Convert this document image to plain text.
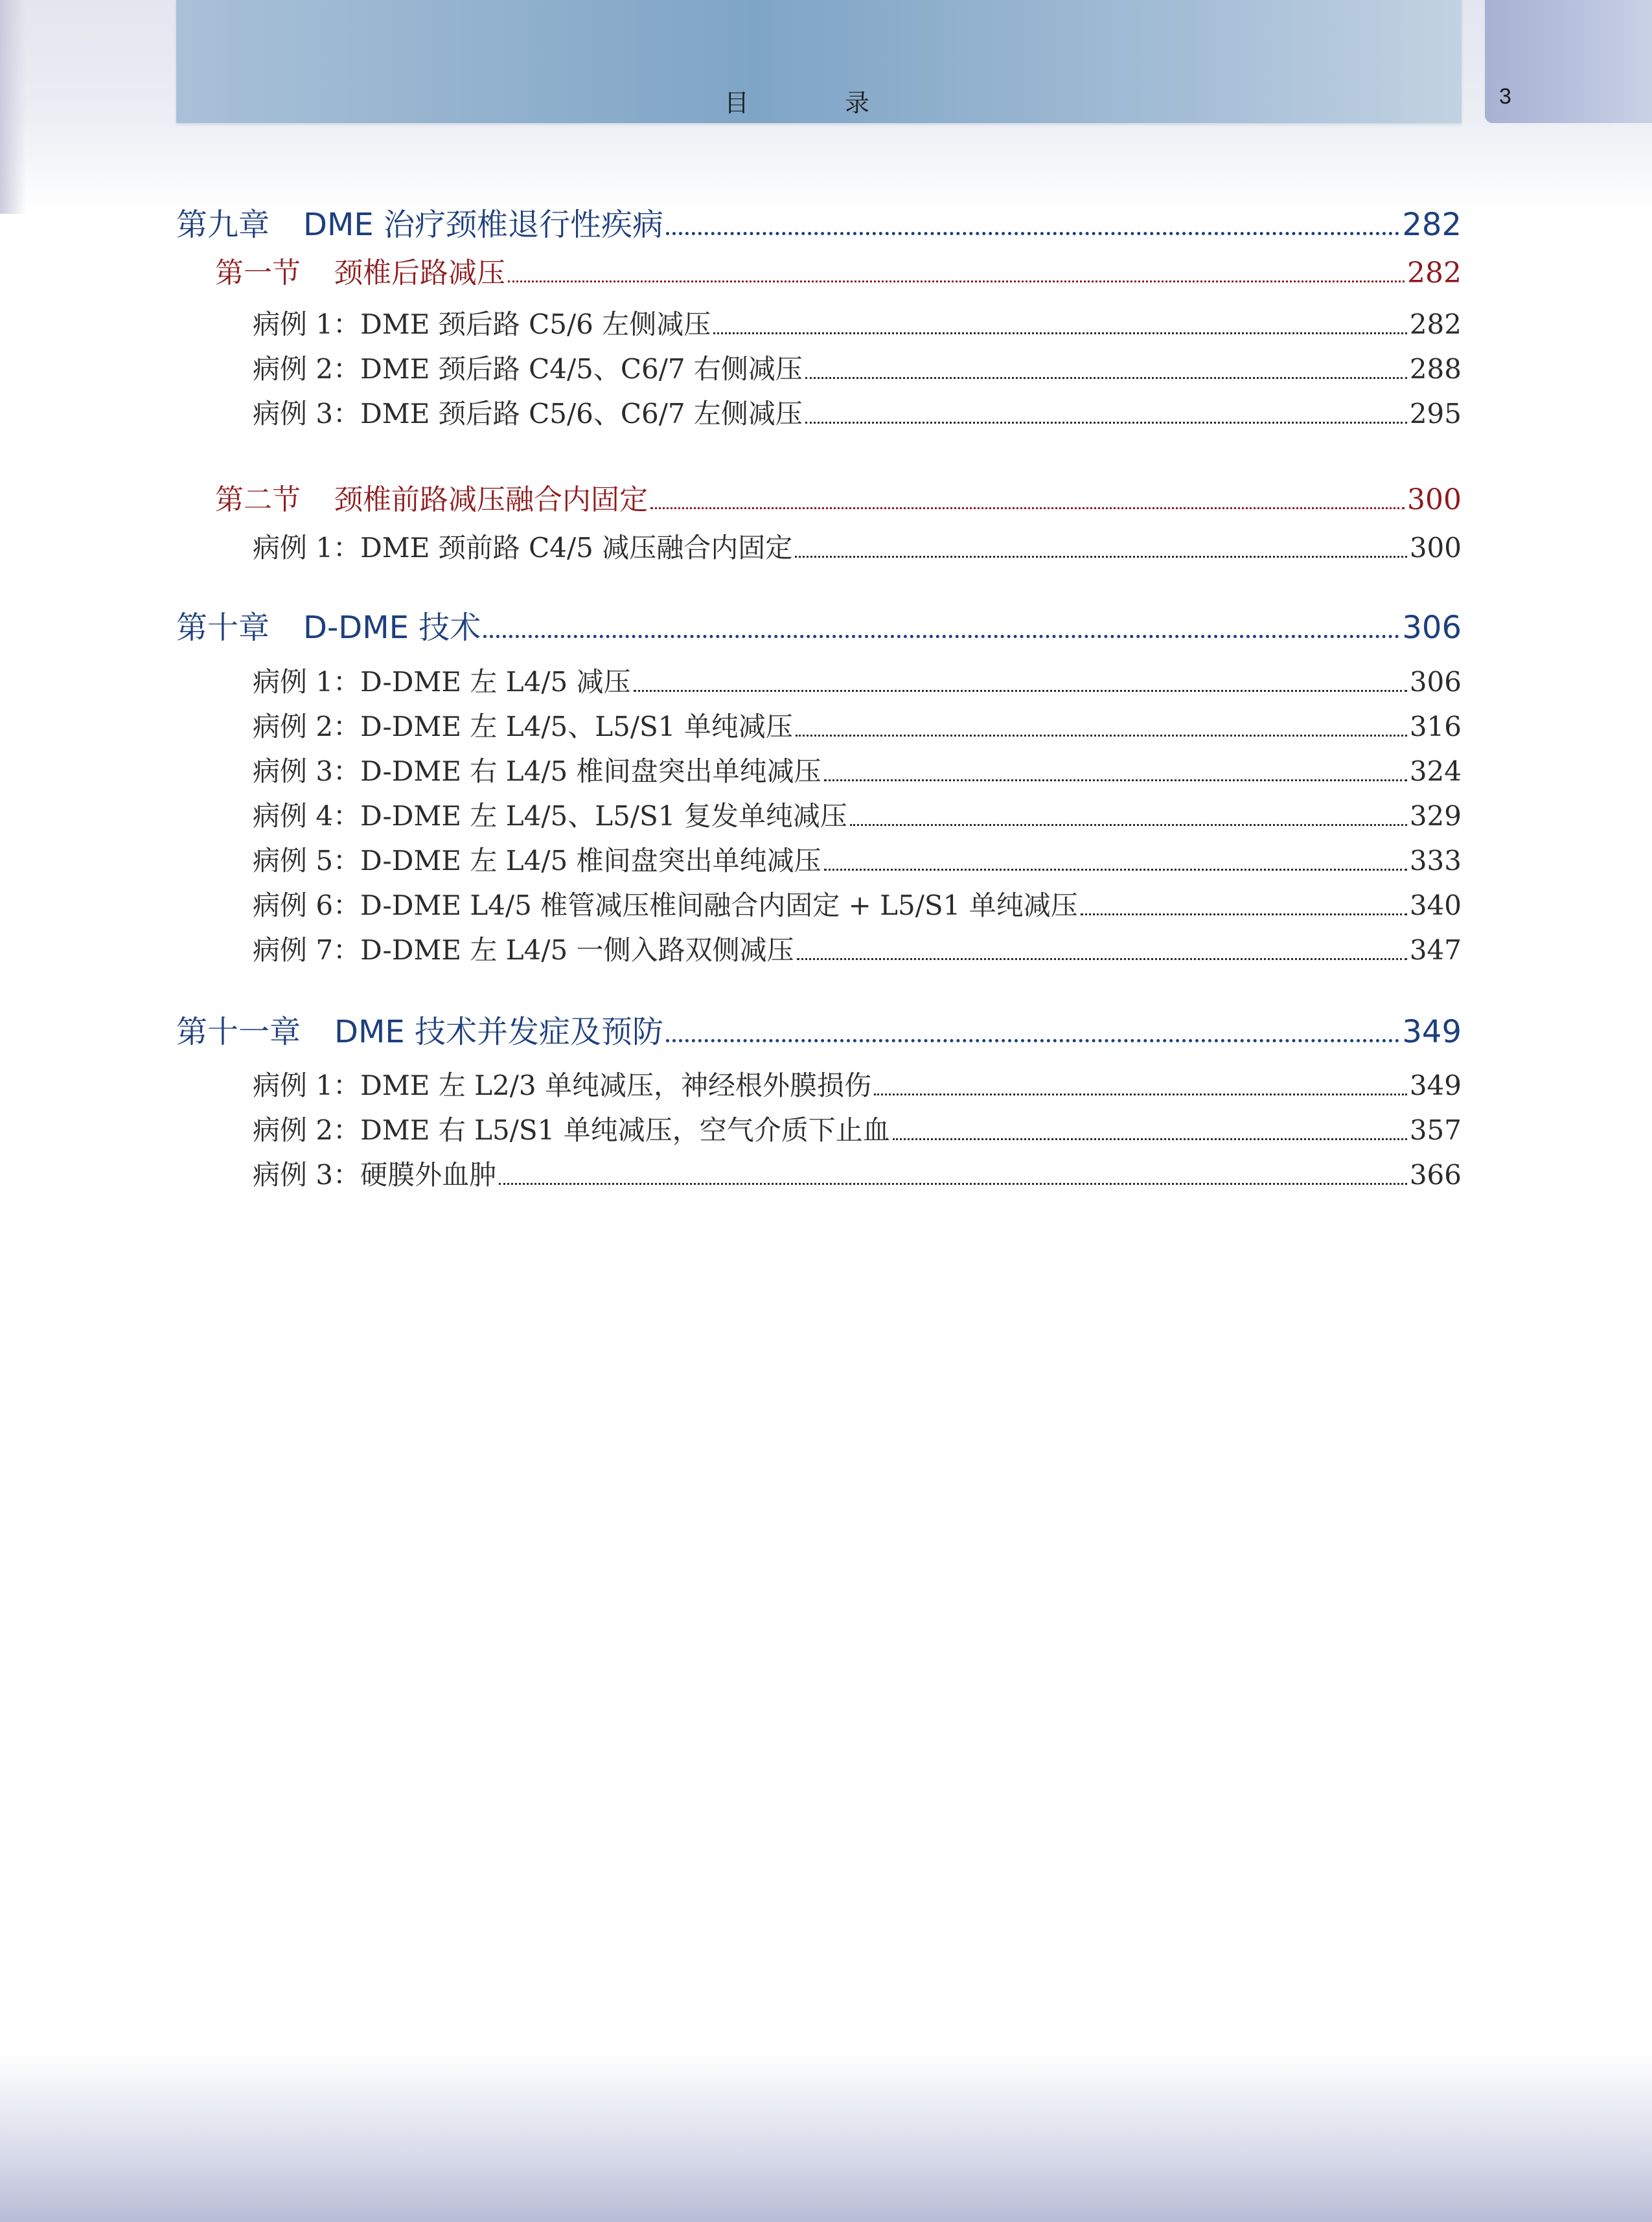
目 录	3
第九章 DME 治疗颈椎退行性疾病	282
第一节 颈椎后路减压	282
病例 1：DME 颈后路 C5/6 左侧减压	282
病例 2：DME 颈后路 C4/5、C6/7 右侧减压	288
病例 3：DME 颈后路 C5/6、C6/7 左侧减压	295
第二节 颈椎前路减压融合内固定	300
病例 1：DME 颈前路 C4/5 减压融合内固定	300
第十章 D-DME 技术	306
病例 1：D-DME 左 L4/5 减压	306
病例 2：D-DME 左 L4/5、L5/S1 单纯减压	316
病例 3：D-DME 右 L4/5 椎间盘突出单纯减压	324
病例 4：D-DME 左 L4/5、L5/S1 复发单纯减压	329
病例 5：D-DME 左 L4/5 椎间盘突出单纯减压	333
病例 6：D-DME L4/5 椎管减压椎间融合内固定 + L5/S1 单纯减压	340
病例 7：D-DME 左 L4/5 一侧入路双侧减压	347
第十一章 DME 技术并发症及预防	349
病例 1：DME 左 L2/3 单纯减压，神经根外膜损伤	349
病例 2：DME 右 L5/S1 单纯减压，空气介质下止血	357
病例 3：硬膜外血肿	366
